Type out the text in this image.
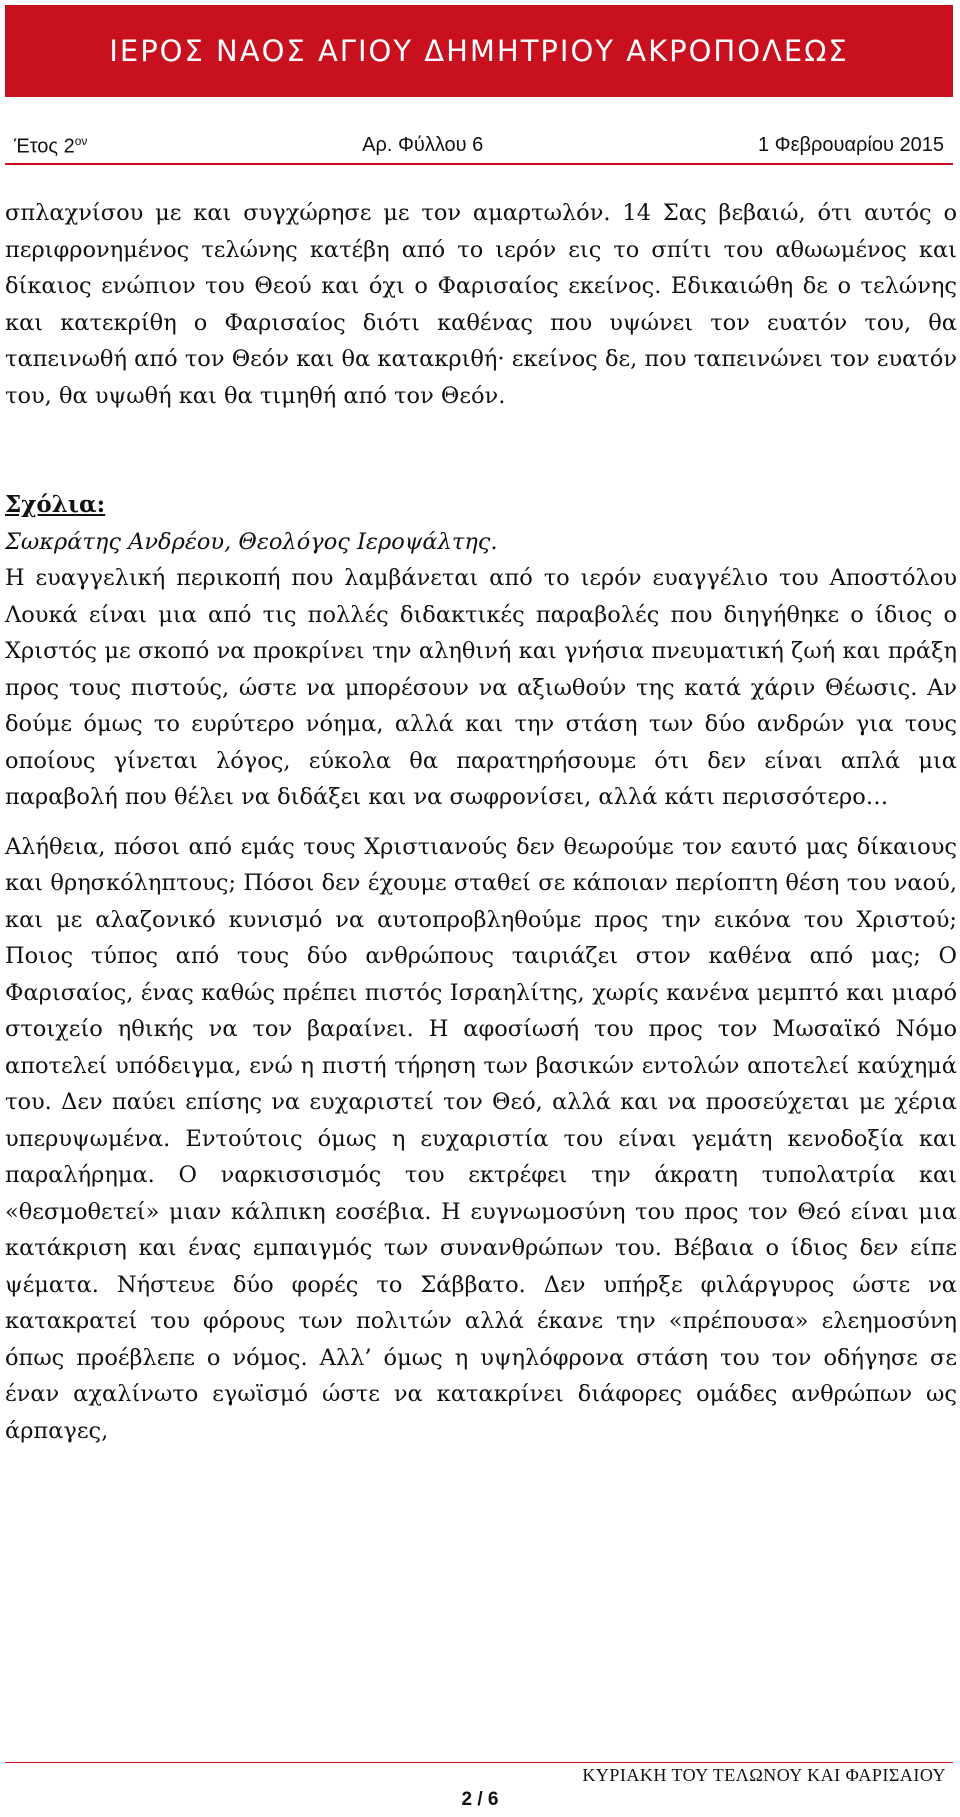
ΙΕΡΟΣ ΝΑΟΣ ΑΓΙΟΥ ΔΗΜΗΤΡΙΟΥ ΑΚΡΟΠΟΛΕΩΣ
Έτος $2^{o\nu}$	Αρ. Φύλλου 6	1 Φεβρουαρίου 2015

σπλαχνίσου με και συγχώρησε με τον αμαρτωλόν. 14 Σας βεβαιώ, ότι αυτός ο περιφρονημένος τελώνης κατέβη από το ιερόν εις το σπίτι του αθωωμένος και δίκαιος ενώπιον του Θεού και όχι ο Φαρισαίος εκείνος. Εδικαιώθη δε ο τελώνης και κατεκρίθη ο Φαρισαίος διότι καθένας που υψώνει τον ευατόν του, θα ταπεινωθή από τον Θεόν και θα κατακριθή· εκείνος δε, που ταπεινώνει τον ευατόν του, θα υψωθή και θα τιμηθή από τον Θεόν.

Σχόλια:

Σωκράτης Ανδρέου, Θεολόγος Ιεροψάλτης.

Η ευαγγελική περικοπή που λαμβάνεται από το ιερόν ευαγγέλιο του Αποστόλου Λουκά είναι μια από τις πολλές διδακτικές παραβολές που διηγήθηκε ο ίδιος ο Χριστός με σκοπό να προκρίνει την αληθινή και γνήσια πνευματική ζωή και πράξη προς τους πιστούς, ώστε να μπορέσουν να αξιωθούν της κατά χάριν Θέωσις. Αν δούμε όμως το ευρύτερο νόημα, αλλά και την στάση των δύο ανδρών για τους οποίους γίνεται λόγος, εύκολα θα παρατηρήσουμε ότι δεν είναι απλά μια παραβολή που θέλει να διδάξει και να σωφρονίσει, αλλά κάτι περισσότερο…

Αλήθεια, πόσοι από εμάς τους Χριστιανούς δεν θεωρούμε τον εαυτό μας δίκαιους και θρησκόληπτους; Πόσοι δεν έχουμε σταθεί σε κάποιαν περίοπτη θέση του ναού, και με αλαζονικό κυνισμό να αυτοπροβληθούμε προς την εικόνα του Χριστού; Ποιος τύπος από τους δύο ανθρώπους ταιριάζει στον καθένα από μας; Ο Φαρισαίος, ένας καθώς πρέπει πιστός Ισραηλίτης, χωρίς κανένα μεμπτό και μιαρό στοιχείο ηθικής να τον βαραίνει. Η αφοσίωσή του προς τον Μωσαϊκό Νόμο αποτελεί υπόδειγμα, ενώ η πιστή τήρηση των βασικών εντολών αποτελεί καύχημά του. Δεν παύει επίσης να ευχαριστεί τον Θεό, αλλά και να προσεύχεται με χέρια υπερυψωμένα. Εντούτοις όμως η ευχαριστία του είναι γεμάτη κενοδοξία και παραλήρημα. Ο ναρκισσισμός του εκτρέφει την άκρατη τυπολατρία και «θεσμοθετεί» μιαν κάλπικη εοσέβια. Η ευγνωμοσύνη του προς τον Θεό είναι μια κατάκριση και ένας εμπαιγμός των συνανθρώπων του. Βέβαια ο ίδιος δεν είπε ψέματα. Νήστευε δύο φορές το Σάββατο. Δεν υπήρξε φιλάργυρος ώστε να κατακρατεί του φόρους των πολιτών αλλά έκανε την «πρέπουσα» ελεημοσύνη όπως προέβλεπε ο νόμος. Αλλ’ όμως η υψηλόφρονα στάση του τον οδήγησε σε έναν αχαλίνωτο εγωϊσμό ώστε να κατακρίνει διάφορες ομάδες ανθρώπων ως άρπαγες,

ΚΥΡΙΑΚΗ ΤΟΥ ΤΕΛΩΝΟΥ ΚΑΙ ΦΑΡΙΣΑΙΟΥ
2 / 6
